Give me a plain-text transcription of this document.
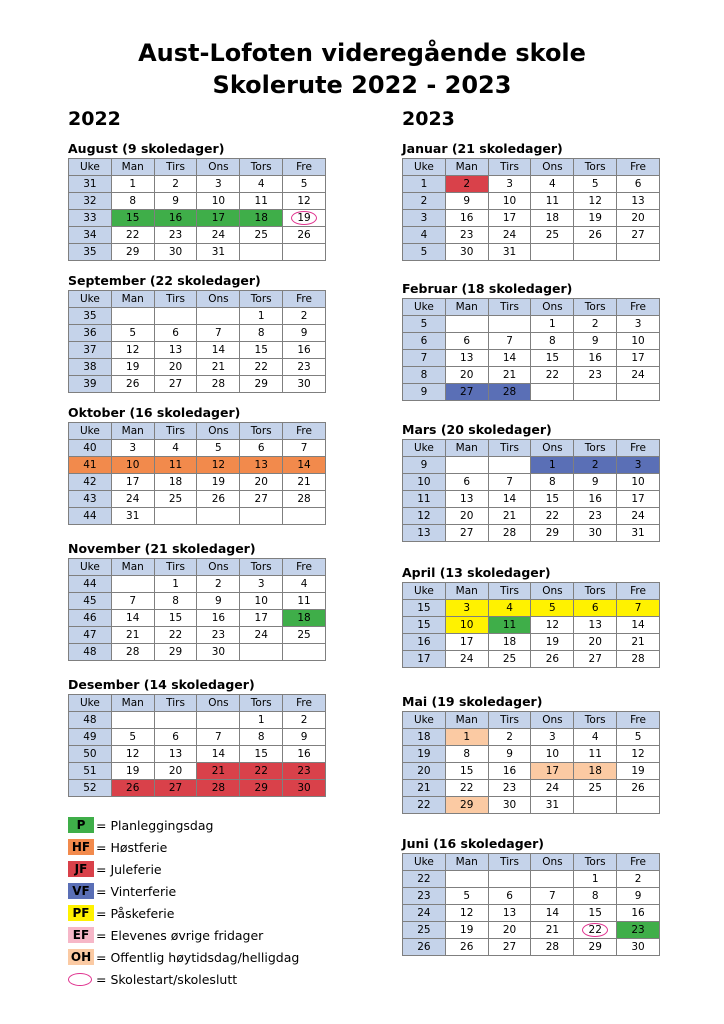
Aust-Lofoten videregående skole
Skolerute 2022 - 2023
2022	2023
August (9 skoledager)
Uke	Man	Tirs	Ons	Tors	Fre
31	1	2	3	4	5
32	8	9	10	11	12
33	15	16	17	18	19
34	22	23	24	25	26
35	29	30	31		
September (22 skoledager)
Uke	Man	Tirs	Ons	Tors	Fre
35				1	2
36	5	6	7	8	9
37	12	13	14	15	16
38	19	20	21	22	23
39	26	27	28	29	30
Oktober (16 skoledager)
Uke	Man	Tirs	Ons	Tors	Fre
40	3	4	5	6	7
41	10	11	12	13	14
42	17	18	19	20	21
43	24	25	26	27	28
44	31				
November (21 skoledager)
Uke	Man	Tirs	Ons	Tors	Fre
44		1	2	3	4
45	7	8	9	10	11
46	14	15	16	17	18
47	21	22	23	24	25
48	28	29	30		
Desember (14 skoledager)
Uke	Man	Tirs	Ons	Tors	Fre
48				1	2
49	5	6	7	8	9
50	12	13	14	15	16
51	19	20	21	22	23
52	26	27	28	29	30
Januar (21 skoledager)
Uke	Man	Tirs	Ons	Tors	Fre
1	2	3	4	5	6
2	9	10	11	12	13
3	16	17	18	19	20
4	23	24	25	26	27
5	30	31			
Februar (18 skoledager)
Uke	Man	Tirs	Ons	Tors	Fre
5			1	2	3
6	6	7	8	9	10
7	13	14	15	16	17
8	20	21	22	23	24
9	27	28			
Mars (20 skoledager)
Uke	Man	Tirs	Ons	Tors	Fre
9			1	2	3
10	6	7	8	9	10
11	13	14	15	16	17
12	20	21	22	23	24
13	27	28	29	30	31
April (13 skoledager)
Uke	Man	Tirs	Ons	Tors	Fre
15	3	4	5	6	7
15	10	11	12	13	14
16	17	18	19	20	21
17	24	25	26	27	28
Mai (19 skoledager)
Uke	Man	Tirs	Ons	Tors	Fre
18	1	2	3	4	5
19	8	9	10	11	12
20	15	16	17	18	19
21	22	23	24	25	26
22	29	30	31		
Juni (16 skoledager)
Uke	Man	Tirs	Ons	Tors	Fre
22				1	2
23	5	6	7	8	9
24	12	13	14	15	16
25	19	20	21	22	23
26	26	27	28	29	30
P = Planleggingsdag
HF = Høstferie
JF = Juleferie
VF = Vinterferie
PF = Påskeferie
EF = Elevenes øvrige fridager
OH = Offentlig høytidsdag/helligdag
= Skolestart/skoleslutt
